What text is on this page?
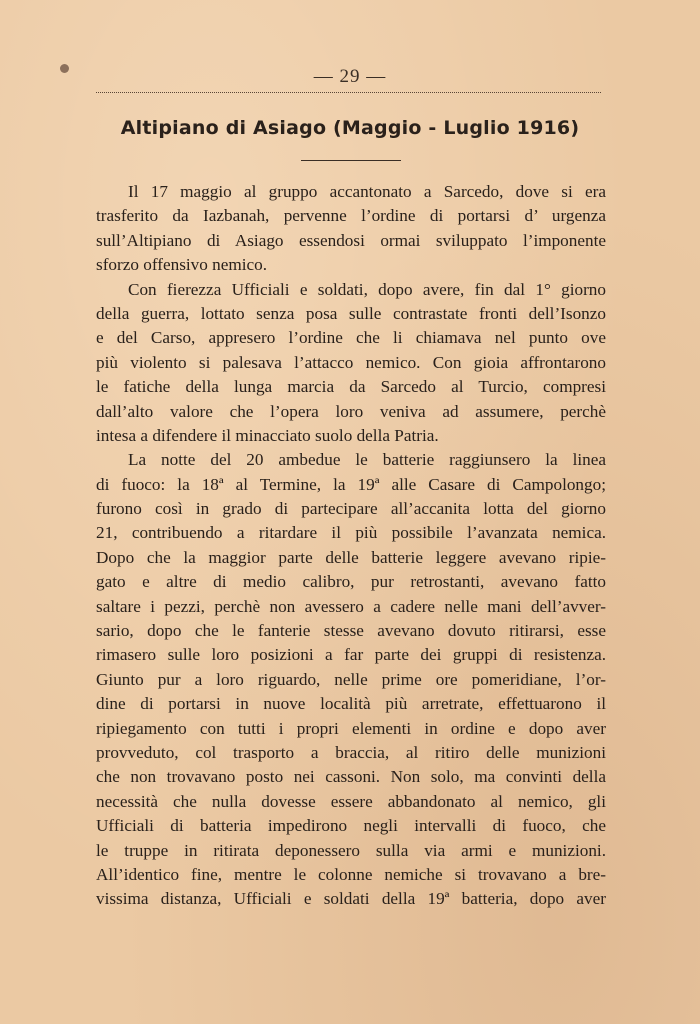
— 29 —
Altipiano di Asiago (Maggio - Luglio 1916)
Il 17 maggio al gruppo accantonato a Sarcedo, dove si era
trasferito da Iazbanah, pervenne l’ordine di portarsi d’ urgenza
sull’Altipiano di Asiago essendosi ormai sviluppato l’imponente
sforzo offensivo nemico.
Con fierezza Ufficiali e soldati, dopo avere, fin dal 1° giorno
della guerra, lottato senza posa sulle contrastate fronti dell’Isonzo
e del Carso, appresero l’ordine che li chiamava nel punto ove
più violento si palesava l’attacco nemico. Con gioia affrontarono
le fatiche della lunga marcia da Sarcedo al Turcio, compresi
dall’alto valore che l’opera loro veniva ad assumere, perchè
intesa a difendere il minacciato suolo della Patria.
La notte del 20 ambedue le batterie raggiunsero la linea
di fuoco: la 18ª al Termine, la 19ª alle Casare di Campolongo;
furono così in grado di partecipare all’accanita lotta del giorno
21, contribuendo a ritardare il più possibile l’avanzata nemica.
Dopo che la maggior parte delle batterie leggere avevano ripie-
gato e altre di medio calibro, pur retrostanti, avevano fatto
saltare i pezzi, perchè non avessero a cadere nelle mani dell’avver-
sario, dopo che le fanterie stesse avevano dovuto ritirarsi, esse
rimasero sulle loro posizioni a far parte dei gruppi di resistenza.
Giunto pur a loro riguardo, nelle prime ore pomeridiane, l’or-
dine di portarsi in nuove località più arretrate, effettuarono il
ripiegamento con tutti i propri elementi in ordine e dopo aver
provveduto, col trasporto a braccia, al ritiro delle munizioni
che non trovavano posto nei cassoni. Non solo, ma convinti della
necessità che nulla dovesse essere abbandonato al nemico, gli
Ufficiali di batteria impedirono negli intervalli di fuoco, che
le truppe in ritirata deponessero sulla via armi e munizioni.
All’identico fine, mentre le colonne nemiche si trovavano a bre-
vissima distanza, Ufficiali e soldati della 19ª batteria, dopo aver
